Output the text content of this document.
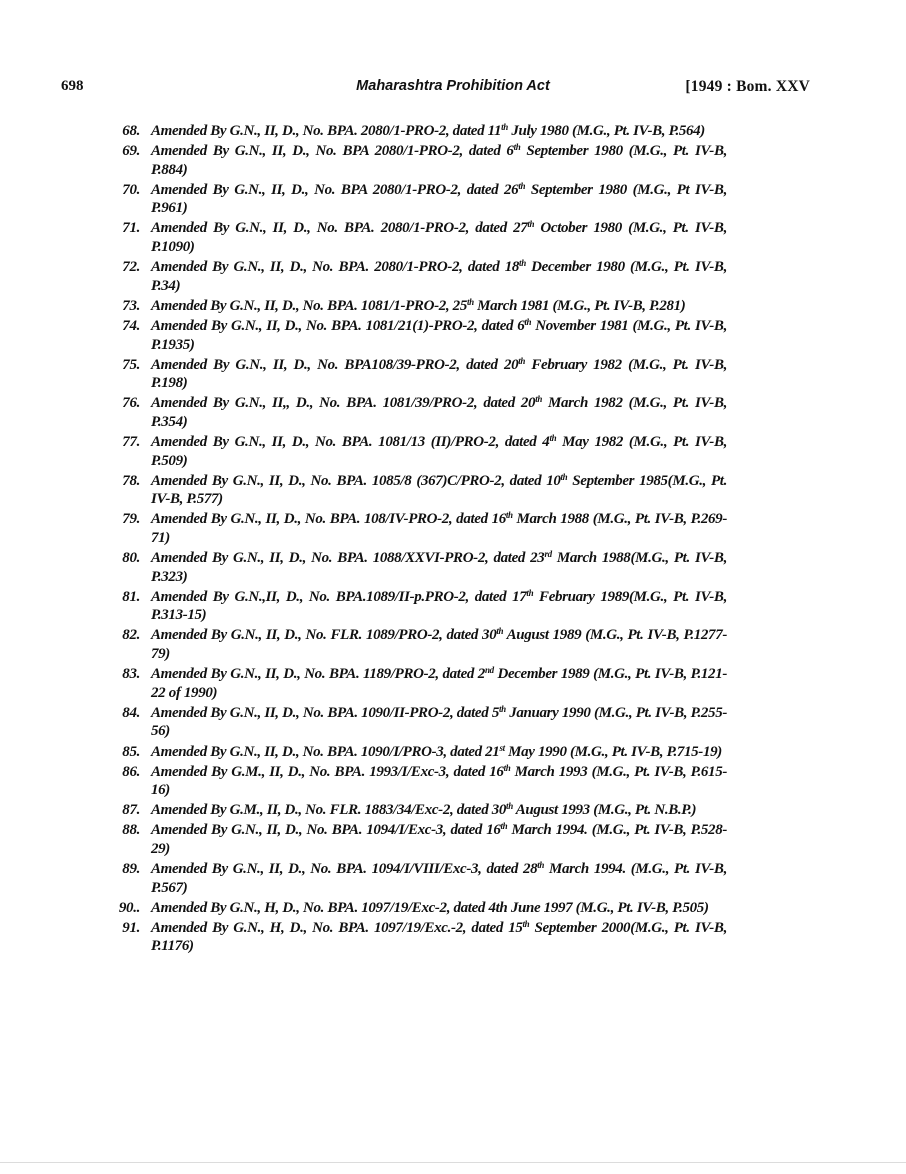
698	Maharashtra Prohibition Act	[1949 : Bom. XXV
68. Amended By G.N., II, D., No. BPA. 2080/1-PRO-2, dated 11th July 1980 (M.G., Pt. IV-B, P.564)
69. Amended By G.N., II, D., No. BPA 2080/1-PRO-2, dated 6th September 1980 (M.G., Pt. IV-B, P.884)
70. Amended By G.N., II, D., No. BPA 2080/1-PRO-2, dated 26th September 1980 (M.G., Pt IV-B, P.961)
71. Amended By G.N., II, D., No. BPA. 2080/1-PRO-2, dated 27th October 1980 (M.G., Pt. IV-B, P.1090)
72. Amended By G.N., II, D., No. BPA. 2080/1-PRO-2, dated 18th December 1980 (M.G., Pt. IV-B, P.34)
73. Amended By G.N., II, D., No. BPA. 1081/1-PRO-2, 25th March 1981 (M.G., Pt. IV-B, P.281)
74. Amended By G.N., II, D., No. BPA. 1081/21(1)-PRO-2, dated 6th November 1981 (M.G., Pt. IV-B, P.1935)
75. Amended By G.N., II, D., No. BPA108/39-PRO-2, dated 20th February 1982 (M.G., Pt. IV-B, P.198)
76. Amended By G.N., II,, D., No. BPA. 1081/39/PRO-2, dated 20th March 1982 (M.G., Pt. IV-B, P.354)
77. Amended By G.N., II, D., No. BPA. 1081/13 (II)/PRO-2, dated 4th May 1982 (M.G., Pt. IV-B, P.509)
78. Amended By G.N., II, D., No. BPA. 1085/8 (367)C/PRO-2, dated 10th September 1985(M.G., Pt. IV-B, P.577)
79. Amended By G.N., II, D., No. BPA. 108/IV-PRO-2, dated 16th March 1988 (M.G., Pt. IV-B, P.269-71)
80. Amended By G.N., II, D., No. BPA. 1088/XXVI-PRO-2, dated 23rd March 1988(M.G., Pt. IV-B, P.323)
81. Amended By G.N.,II, D., No. BPA.1089/II-p.PRO-2, dated 17th February 1989(M.G., Pt. IV-B, P.313-15)
82. Amended By G.N., II, D., No. FLR. 1089/PRO-2, dated 30th August 1989 (M.G., Pt. IV-B, P.1277-79)
83. Amended By G.N., II, D., No. BPA. 1189/PRO-2, dated 2nd December 1989 (M.G., Pt. IV-B, P.121-22 of 1990)
84. Amended By G.N., II, D., No. BPA. 1090/II-PRO-2, dated 5th January 1990 (M.G., Pt. IV-B, P.255-56)
85. Amended By G.N., II, D., No. BPA. 1090/I/PRO-3, dated 21st May 1990 (M.G., Pt. IV-B, P.715-19)
86. Amended By G.M., II, D., No. BPA. 1993/I/Exc-3, dated 16th March 1993 (M.G., Pt. IV-B, P.615-16)
87. Amended By G.M., II, D., No. FLR. 1883/34/Exc-2, dated 30th August 1993 (M.G., Pt. N.B.P.)
88. Amended By G.N., II, D., No. BPA. 1094/I/Exc-3, dated 16th March 1994. (M.G., Pt. IV-B, P.528-29)
89. Amended By G.N., II, D., No. BPA. 1094/I/VIII/Exc-3, dated 28th March 1994. (M.G., Pt. IV-B, P.567)
90.. Amended By G.N., H, D., No. BPA. 1097/19/Exc-2, dated 4th June 1997 (M.G., Pt. IV-B, P.505)
91. Amended By G.N., H, D., No. BPA. 1097/19/Exc.-2, dated 15th September 2000(M.G., Pt. IV-B, P.1176)
